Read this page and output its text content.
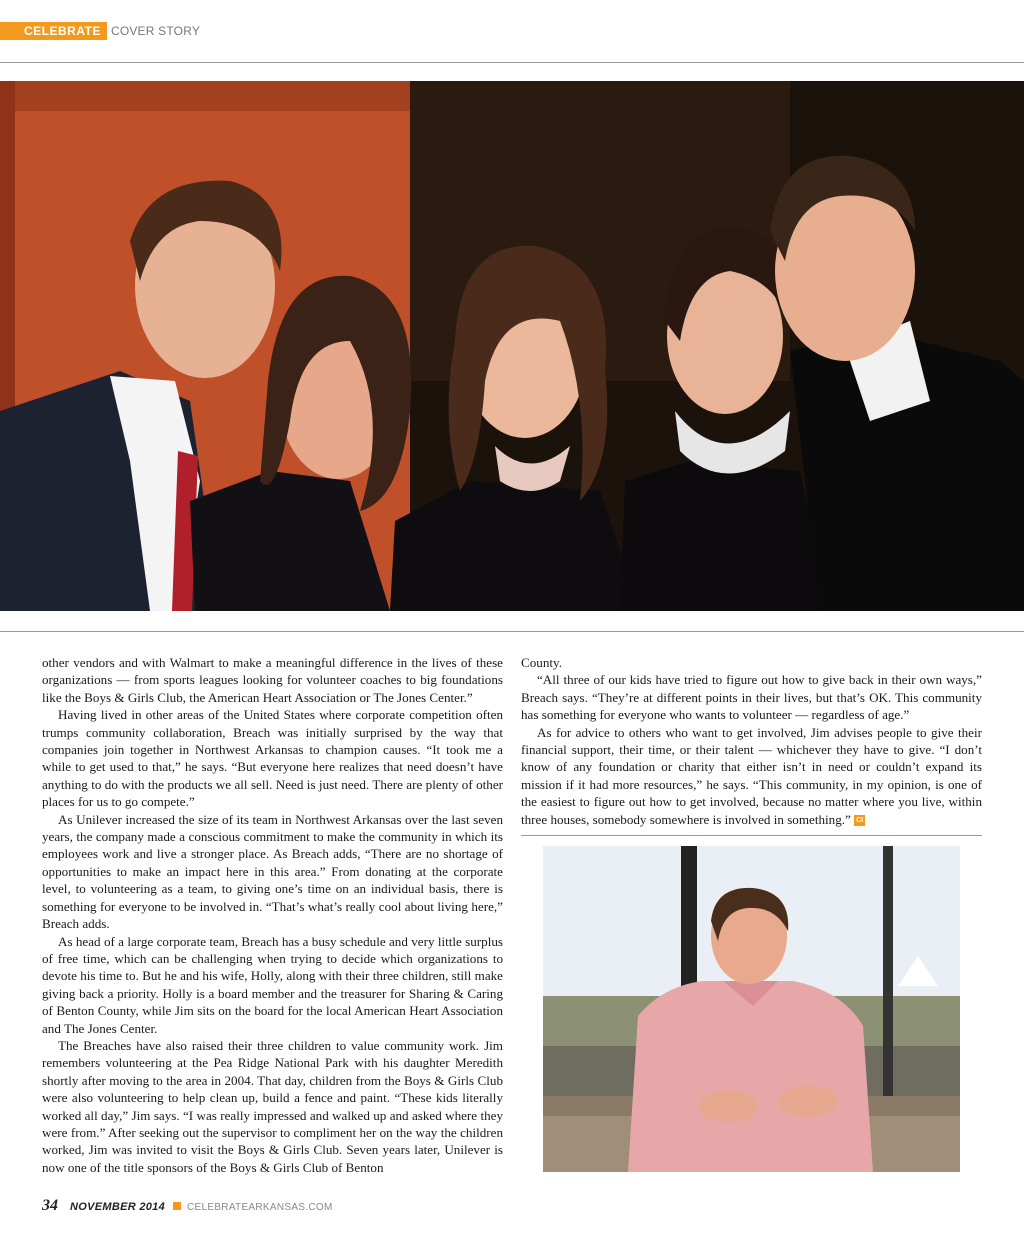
CELEBRATE COVER STORY

other vendors and with Walmart to make a meaningful difference in the lives of these organizations — from sports leagues looking for volunteer coaches to big foundations like the Boys & Girls Club, the American Heart Association or The Jones Center.”

Having lived in other areas of the United States where corporate competition often trumps community collaboration, Breach was initially surprised by the way that companies join together in Northwest Arkansas to champion causes. “It took me a while to get used to that,” he says. “But everyone here realizes that need doesn’t have anything to do with the products we all sell. Need is just need. There are plenty of other places for us to go compete.”

As Unilever increased the size of its team in Northwest Arkansas over the last seven years, the company made a conscious commitment to make the community in which its employees work and live a stronger place. As Breach adds, “There are no shortage of opportunities to make an impact here in this area.” From donating at the corporate level, to volunteering as a team, to giving one’s time on an individual basis, there is something for everyone to be involved in. “That’s what’s really cool about living here,” Breach adds.

As head of a large corporate team, Breach has a busy schedule and very little surplus of free time, which can be challenging when trying to decide which organizations to devote his time to. But he and his wife, Holly, along with their three children, still make giving back a priority. Holly is a board member and the treasurer for Sharing & Caring of Benton County, while Jim sits on the board for the local American Heart Association and The Jones Center.

The Breaches have also raised their three children to value community work. Jim remembers volunteering at the Pea Ridge National Park with his daughter Meredith shortly after moving to the area in 2004. That day, children from the Boys & Girls Club were also volunteering to help clean up, build a fence and paint. “These kids literally worked all day,” Jim says. “I was really impressed and walked up and asked where they were from.” After seeking out the supervisor to compliment her on the way the children worked, Jim was invited to visit the Boys & Girls Club. Seven years later, Unilever is now one of the title sponsors of the Boys & Girls Club of Benton

County.

“All three of our kids have tried to figure out how to give back in their own ways,” Breach says. “They’re at different points in their lives, but that’s OK. This community has something for everyone who wants to volunteer — regardless of age.”

As for advice to others who want to get involved, Jim advises people to give their financial support, their time, or their talent — whichever they have to give. “I don’t know of any foundation or charity that either isn’t in need or couldn’t expand its mission if it had more resources,” he says. “This community, in my opinion, is one of the easiest to figure out how to get involved, because no matter where you live, within three houses, somebody somewhere is involved in something.” CI

34 NOVEMBER 2014 CELEBRATEARKANSAS.COM
